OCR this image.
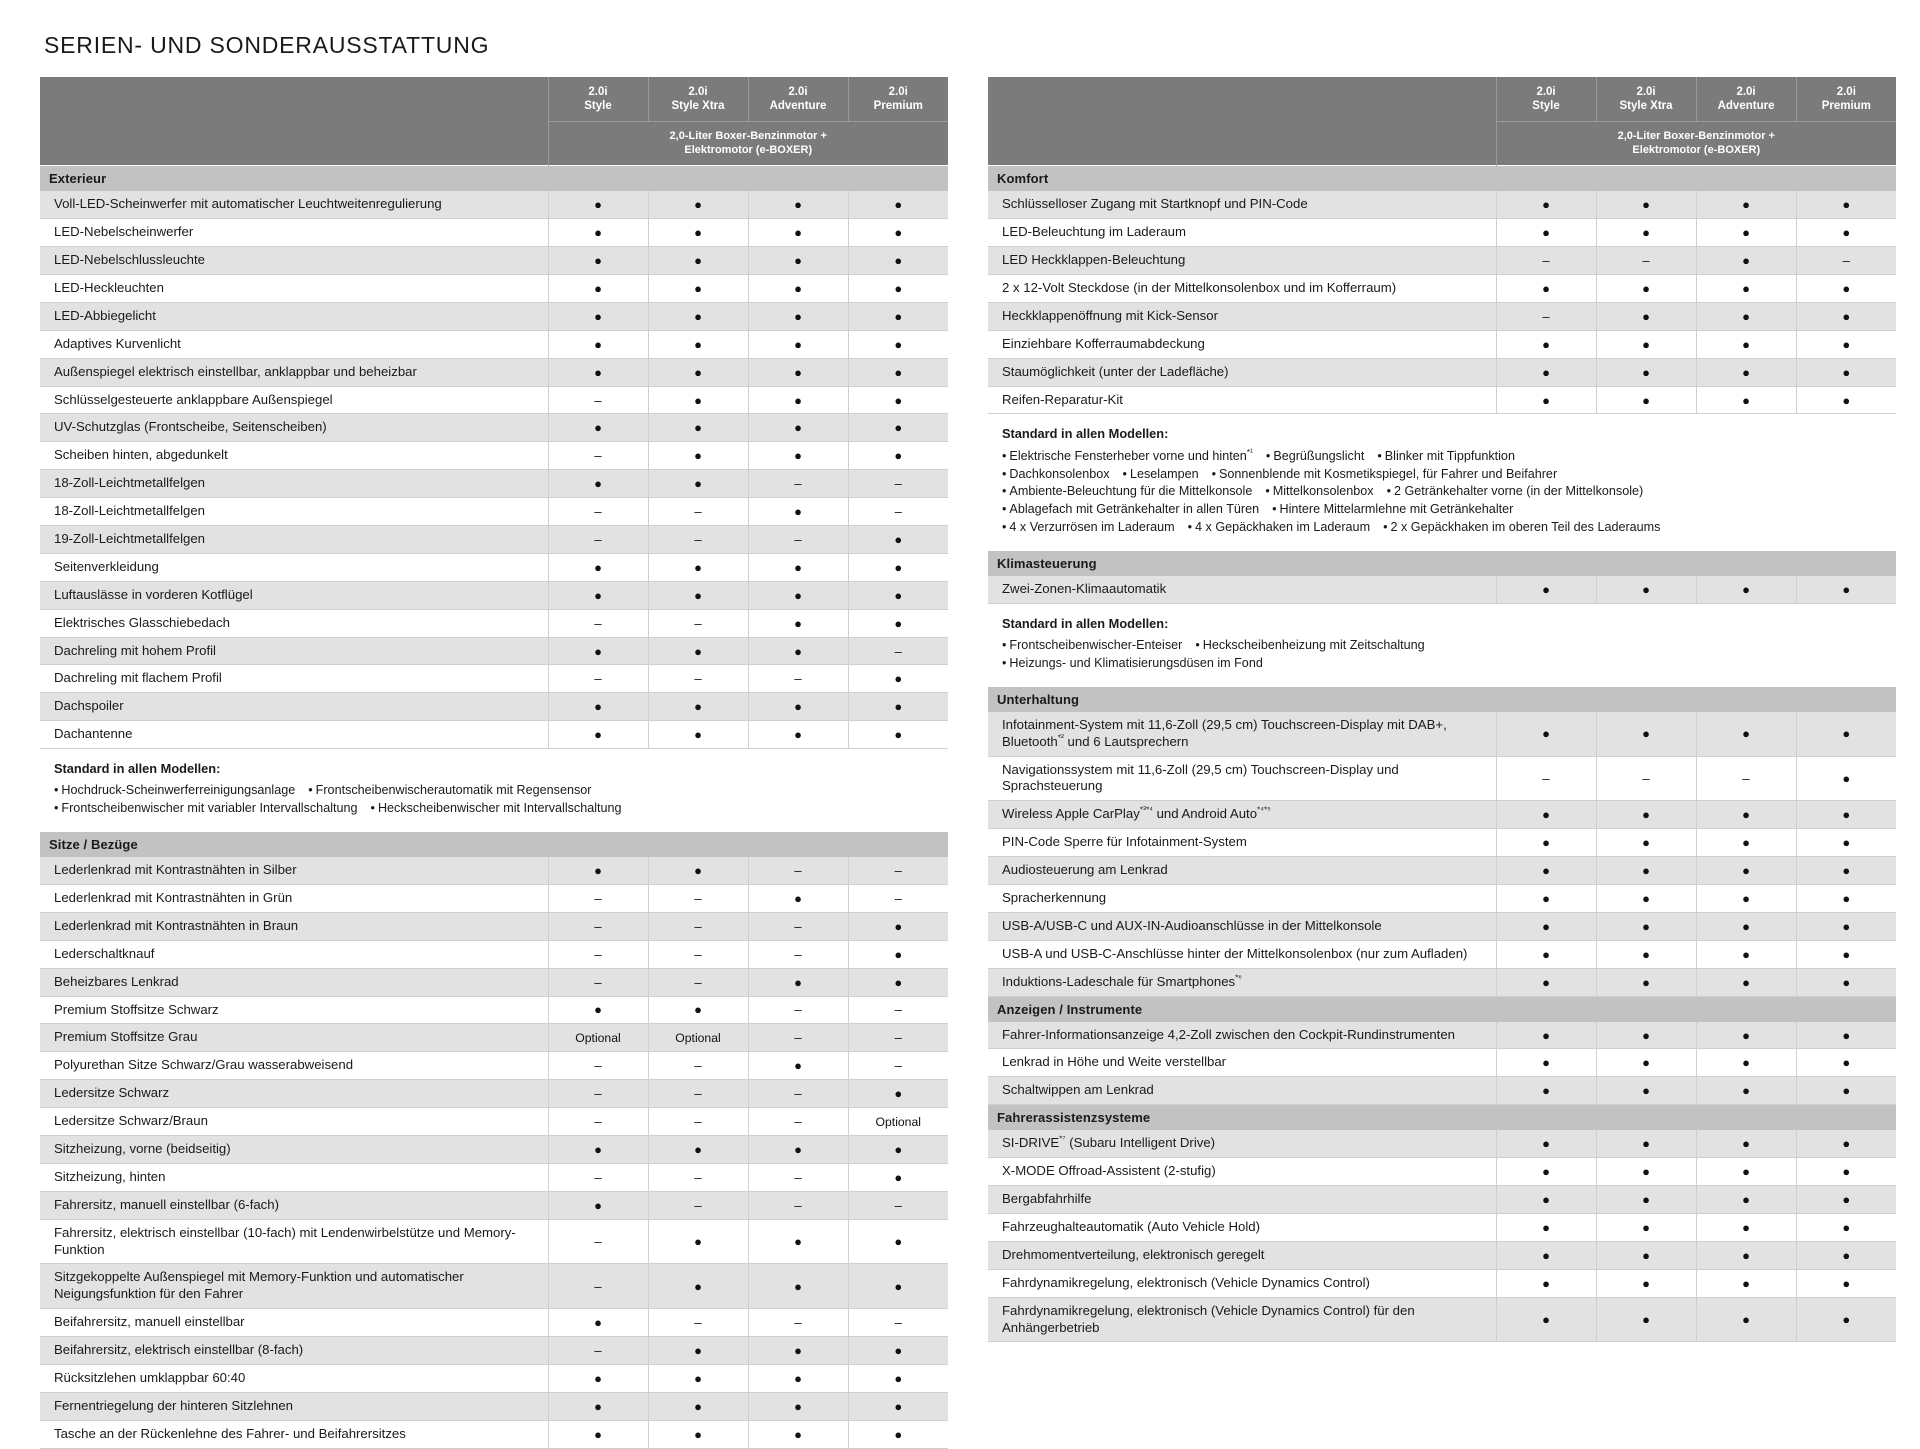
SERIEN- UND SONDERAUSSTATTUNG

2.0i
Style

2.0i
Style Xtra

2.0i
Adventure

2.0i
Premium

	2,0-Liter Boxer-Benzinmotor +
Elektromotor (e-BOXER)			

Exterieur				
Voll-LED-Scheinwerfer mit automatischer Leuchtweitenregulierung	●	●	●	●
LED-Nebelscheinwerfer	●	●	●	●
LED-Nebelschlussleuchte	●	●	●	●
LED-Heckleuchten	●	●	●	●
LED-Abbiegelicht	●	●	●	●
Adaptives Kurvenlicht	●	●	●	●
Außenspiegel elektrisch einstellbar, anklappbar und beheizbar	●	●	●	●
Schlüsselgesteuerte anklappbare Außenspiegel	–	●	●	●
UV-Schutzglas (Frontscheibe, Seitenscheiben)	●	●	●	●
Scheiben hinten, abgedunkelt	–	●	●	●
18-Zoll-Leichtmetallfelgen	●	●	–	–
18-Zoll-Leichtmetallfelgen	–	–	●	–
19-Zoll-Leichtmetallfelgen	–	–	–	●
Seitenverkleidung	●	●	●	●
Luftauslässe in vorderen Kotflügel	●	●	●	●
Elektrisches Glasschiebedach	–	–	●	●
Dachreling mit hohem Profil	●	●	●	–
Dachreling mit flachem Profil	–	–	–	●
Dachspoiler	●	●	●	●
Dachantenne	●	●	●	●
Standard in allen Modellen:
• Hochdruck-Scheinwerferreinigungsanlage • Frontscheibenwischerautomatik mit Regensensor
• Frontscheibenwischer mit variabler Intervallschaltung • Heckscheibenwischer mit Intervallschaltung
Sitze / Bezüge				
Lederlenkrad mit Kontrastnähten in Silber	●	●	–	–
Lederlenkrad mit Kontrastnähten in Grün	–	–	●	–
Lederlenkrad mit Kontrastnähten in Braun	–	–	–	●
Lederschaltknauf	–	–	–	●
Beheizbares Lenkrad	–	–	●	●
Premium Stoffsitze Schwarz	●	●	–	–
Premium Stoffsitze Grau	Optional	Optional	–	–
Polyurethan Sitze Schwarz/Grau wasserabweisend	–	–	●	–
Ledersitze Schwarz	–	–	–	●
Ledersitze Schwarz/Braun	–	–	–	Optional
Sitzheizung, vorne (beidseitig)	●	●	●	●
Sitzheizung, hinten	–	–	–	●
Fahrersitz, manuell einstellbar (6-fach)	●	–	–	–
Fahrersitz, elektrisch einstellbar (10-fach) mit Lendenwirbelstütze und Memory-Funktion	–	●	●	●
Sitzgekoppelte Außenspiegel mit Memory-Funktion und automatischer Neigungsfunktion für den Fahrer	–	●	●	●
Beifahrersitz, manuell einstellbar	●	–	–	–
Beifahrersitz, elektrisch einstellbar (8-fach)	–	●	●	●
Rücksitzlehen umklappbar 60:40	●	●	●	●
Fernentriegelung der hinteren Sitzlehnen	●	●	●	●
Tasche an der Rückenlehne des Fahrer- und Beifahrersitzes	●	●	●	●

2.0i
Style

2.0i
Style Xtra

2.0i
Adventure

2.0i
Premium

	2,0-Liter Boxer-Benzinmotor +
Elektromotor (e-BOXER)			

Komfort				
Schlüsselloser Zugang mit Startknopf und PIN-Code	●	●	●	●
LED-Beleuchtung im Laderaum	●	●	●	●
LED Heckklappen-Beleuchtung	–	–	●	–
2 x 12-Volt Steckdose (in der Mittelkonsolenbox und im Kofferraum)	●	●	●	●
Heckklappenöffnung mit Kick-Sensor	–	●	●	●
Einziehbare Kofferraumabdeckung	●	●	●	●
Staumöglichkeit (unter der Ladefläche)	●	●	●	●
Reifen-Reparatur-Kit	●	●	●	●
Standard in allen Modellen:
• Elektrische Fensterheber vorne und hinten$^{*^1}$ • Begrüßungslicht • Blinker mit Tippfunktion
• Dachkonsolenbox • Leselampen • Sonnenblende mit Kosmetikspiegel, für Fahrer und Beifahrer
• Ambiente-Beleuchtung für die Mittelkonsole • Mittelkonsolenbox • 2 Getränkehalter vorne (in der Mittelkonsole)
• Ablagefach mit Getränkehalter in allen Türen • Hintere Mittelarmlehne mit Getränkehalter
• 4 x Verzurrösen im Laderaum • 4 x Gepäckhaken im Laderaum • 2 x Gepäckhaken im oberen Teil des Laderaums
Klimasteuerung
Zwei-Zonen-Klimaautomatik	●	●	●	●
Standard in allen Modellen:
• Frontscheibenwischer-Enteiser • Heckscheibenheizung mit Zeitschaltung
• Heizungs- und Klimatisierungsdüsen im Fond
Unterhaltung				
Infotainment-System mit 11,6-Zoll (29,5 cm) Touchscreen-Display mit DAB+, Bluetooth$^{*^2}$ und 6 Lautsprechern	●	●	●	●
Navigationssystem mit 11,6-Zoll (29,5 cm) Touchscreen-Display und Sprachsteuerung	–	–	–	●
Wireless Apple CarPlay$^{*^3*^4}$ und Android Auto$^{*^4*^5}$	●	●	●	●
PIN-Code Sperre für Infotainment-System	●	●	●	●
Audiosteuerung am Lenkrad	●	●	●	●
Spracherkennung	●	●	●	●
USB-A/USB-C und AUX-IN-Audioanschlüsse in der Mittelkonsole	●	●	●	●
USB-A und USB-C-Anschlüsse hinter der Mittelkonsolenbox (nur zum Aufladen)	●	●	●	●
Induktions-Ladeschale für Smartphones$^{*^6}$	●	●	●	●
Anzeigen / Instrumente				
Fahrer-Informationsanzeige 4,2-Zoll zwischen den Cockpit-Rundinstrumenten	●	●	●	●
Lenkrad in Höhe und Weite verstellbar	●	●	●	●
Schaltwippen am Lenkrad	●	●	●	●
Fahrerassistenzsysteme				
$SI-DRIVE^{*^7}$ (Subaru Intelligent Drive)	●	●	●	●
X-MODE Offroad-Assistent (2-stufig)	●	●	●	●
Bergabfahrhilfe	●	●	●	●
Fahrzeughalteautomatik (Auto Vehicle Hold)	●	●	●	●
Drehmomentverteilung, elektronisch geregelt	●	●	●	●
Fahrdynamikregelung, elektronisch (Vehicle Dynamics Control)	●	●	●	●
Fahrdynamikregelung, elektronisch (Vehicle Dynamics Control) für den Anhängerbetrieb	●	●	●	●
